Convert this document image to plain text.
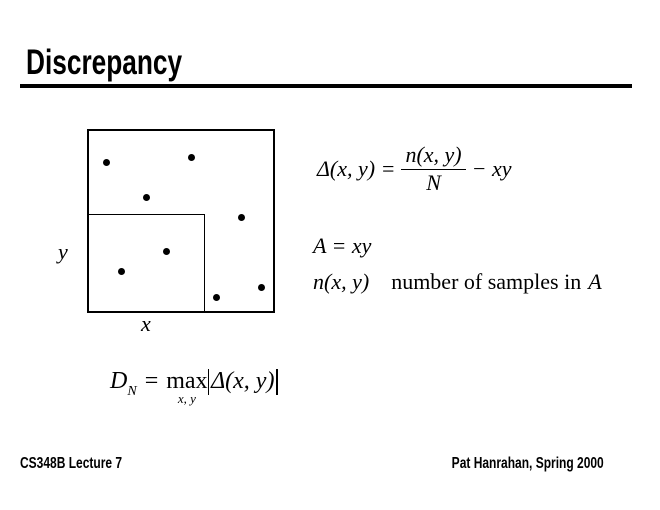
Discrepancy
y
x
Δ(x, $y) = \frac{n(x, y)}{N}$ − xy
A = xy
n(x, y) number of samples in A
$D_N = \max$
x, y
Δ(x, y)
CS348B Lecture 7	Pat Hanrahan, Spring 2000
